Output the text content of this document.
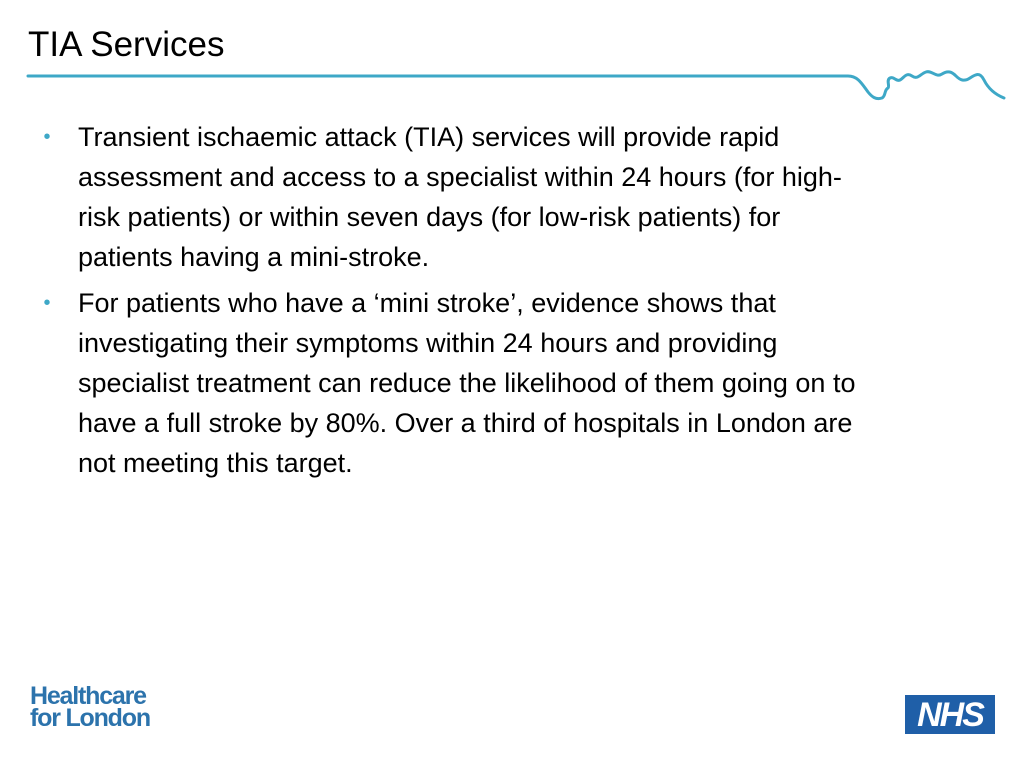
TIA Services
• Transient ischaemic attack (TIA) services will provide rapid assessment and access to a specialist within 24 hours (for high-risk patients) or within seven days (for low-risk patients) for patients having a mini-stroke.
• For patients who have a ‘mini stroke’, evidence shows that investigating their symptoms within 24 hours and providing specialist treatment can reduce the likelihood of them going on to have a full stroke by 80%. Over a third of hospitals in London are not meeting this target.
Healthcare
for London	NHS
